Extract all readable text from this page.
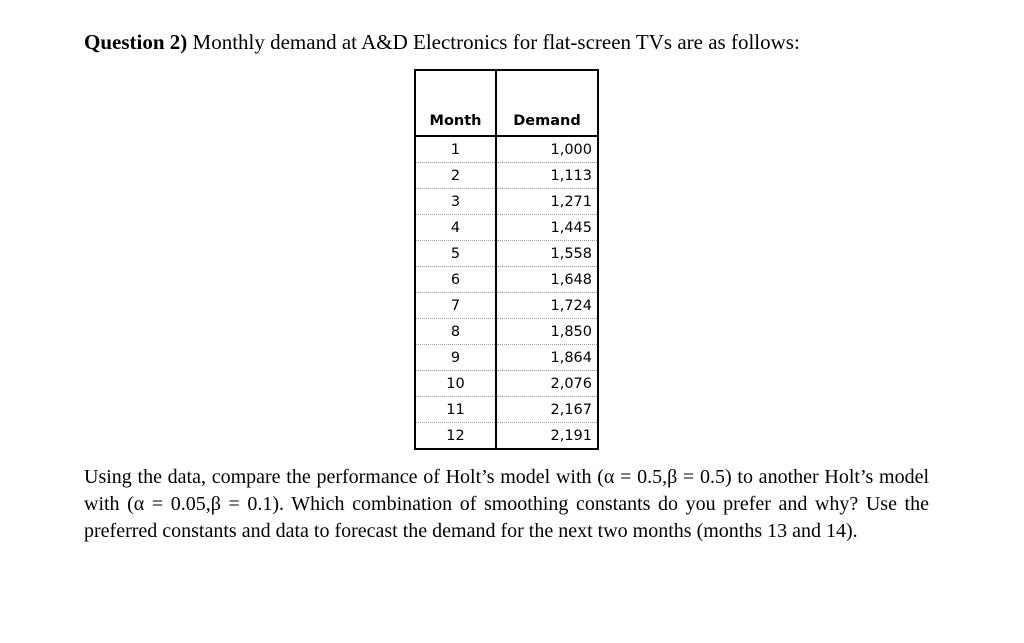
Question 2) Monthly demand at A&D Electronics for flat-screen TVs are as follows:
Month	Demand
1	1,000
2	1,113
3	1,271
4	1,445
5	1,558
6	1,648
7	1,724
8	1,850
9	1,864
10	2,076
11	2,167
12	2,191

Using the data, compare the performance of Holt’s model with (α = 0.5,β = 0.5) to another Holt’s model with (α = 0.05,β = 0.1). Which combination of smoothing constants do you prefer and why? Use the preferred constants and data to forecast the demand for the next two months (months 13 and 14).
